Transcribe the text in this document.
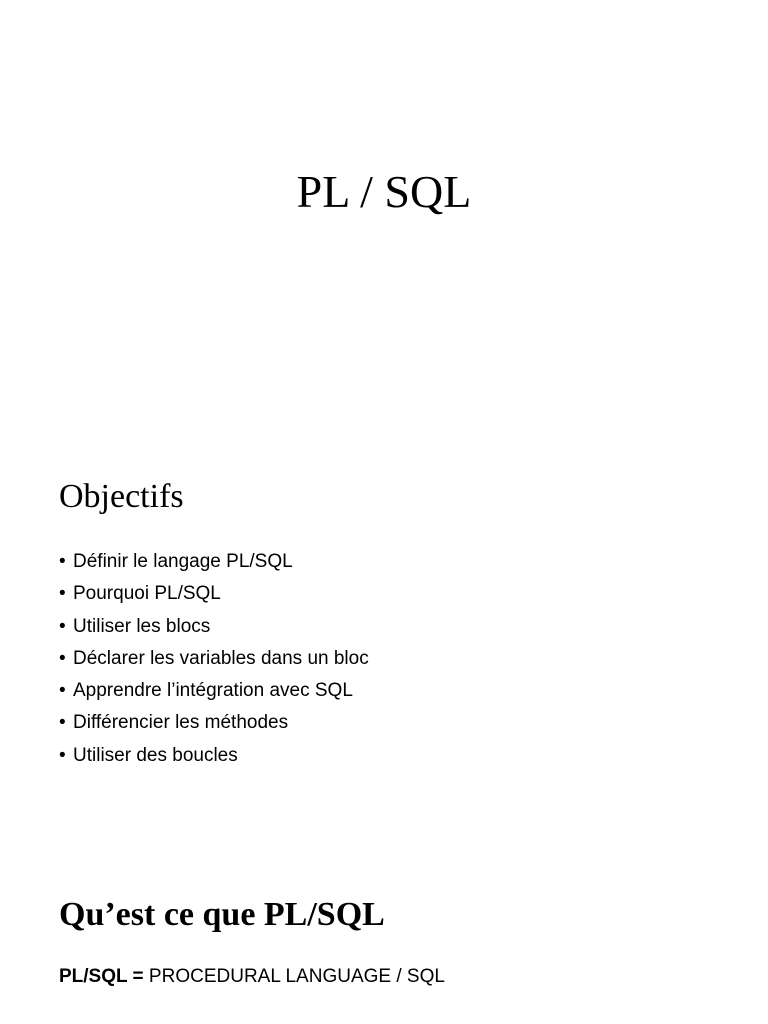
PL / SQL
Objectifs
• Définir le langage PL/SQL
• Pourquoi PL/SQL
• Utiliser les blocs
• Déclarer les variables dans un bloc
• Apprendre l’intégration avec SQL
• Différencier les méthodes
• Utiliser des boucles
Qu’est ce que PL/SQL

PL/SQL = PROCEDURAL LANGUAGE / SQL
